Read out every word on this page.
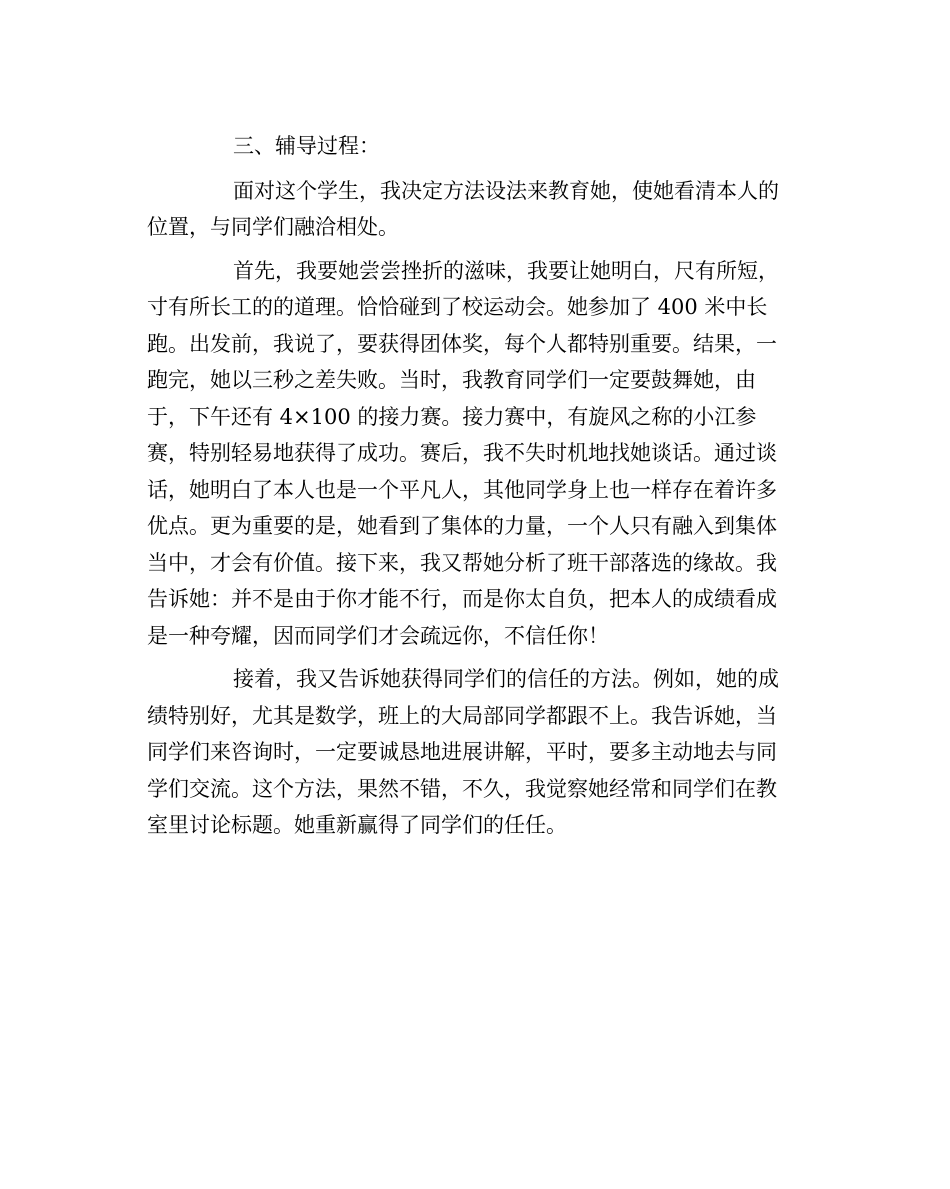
三、辅导过程：
面对这个学生，我决定方法设法来教育她，使她看清本人的
位置，与同学们融洽相处。
首先，我要她尝尝挫折的滋味，我要让她明白，尺有所短，
寸有所长工的的道理。恰恰碰到了校运动会。她参加了 400 米中长
跑。出发前，我说了，要获得团体奖，每个人都特别重要。结果，一
跑完，她以三秒之差失败。当时，我教育同学们一定要鼓舞她，由
于，下午还有 4×100 的接力赛。接力赛中，有旋风之称的小江参
赛，特别轻易地获得了成功。赛后，我不失时机地找她谈话。通过谈
话，她明白了本人也是一个平凡人，其他同学身上也一样存在着许多
优点。更为重要的是，她看到了集体的力量，一个人只有融入到集体
当中，才会有价值。接下来，我又帮她分析了班干部落选的缘故。我
告诉她：并不是由于你才能不行，而是你太自负，把本人的成绩看成
是一种夸耀，因而同学们才会疏远你，不信任你！
接着，我又告诉她获得同学们的信任的方法。例如，她的成
绩特别好，尤其是数学，班上的大局部同学都跟不上。我告诉她，当
同学们来咨询时，一定要诚恳地进展讲解，平时，要多主动地去与同
学们交流。这个方法，果然不错，不久，我觉察她经常和同学们在教
室里讨论标题。她重新赢得了同学们的任任。
